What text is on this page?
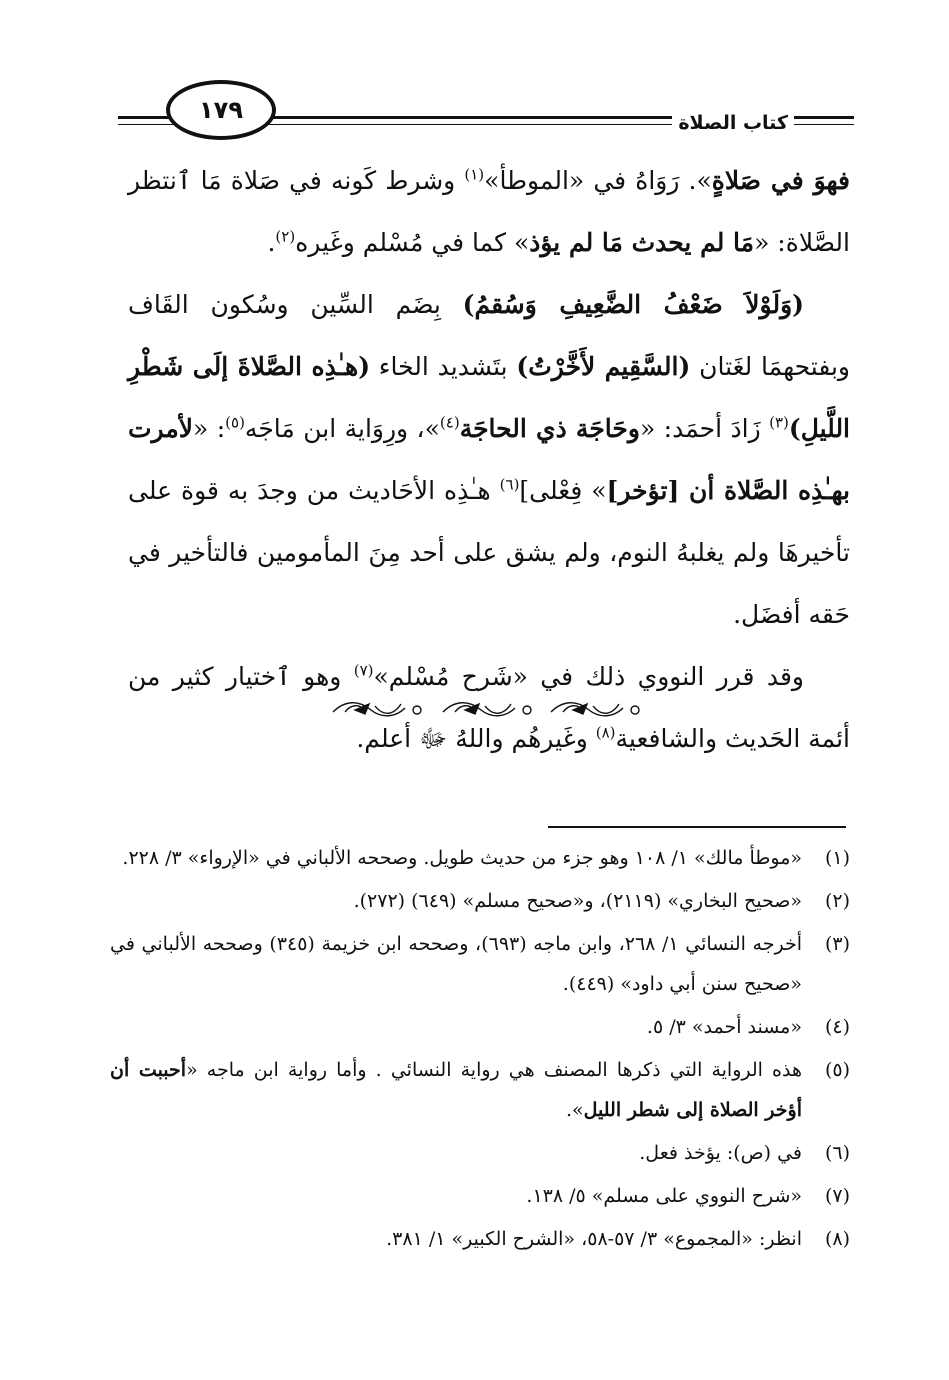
١٧٩	كتاب الصلاة

فهوَ في صَلاةٍ». رَوَاهُ في «الموطأ»$^{(١)}$ وشرط كَونه في صَلاة مَا ٱنتظر الصَّلاة: «مَا لم يحدث مَا لم يؤذ» كما في مُسْلم وغَيره$^{(٢)}$.

(وَلَوْلاَ ضَعْفُ الضَّعِيفِ وَسُقمُ) بِضَم السِّين وسُكون القَاف وبفتحهمَا لغَتان (السَّقِيم لأَخَّرْتُ) بتَشديد الخاء (هـٰذِه الصَّلاةَ إلَى شَطْرِ اللَّيلِ)$^{(٣)}$ زَادَ أحمَد: «وحَاجَة ذي الحاجَة$^{(٤)}$»، ورِوَاية ابن مَاجَه$^{(٥)}$: «لأمرت بهـٰذِه الصَّلاة أن [تؤخر]» فِعْلى]$^{(٦)}$ هـٰذِه الأحَاديث من وجدَ به قوة على تأخيرهَا ولم يغلبهُ النوم، ولم يشق على أحد مِنَ المأمومين فالتأخير في حَقه أفضَل.

وقد قرر النووي ذلك في «شَرح مُسْلم»$^{(٧)}$ وهو ٱختيار كثير من أئمة الحَديث والشافعية$^{(٨)}$ وغَيرهُم واللهُ ﷻ أعلم.

(١)
«موطأ مالك» ١/ ١٠٨ وهو جزء من حديث طويل. وصححه الألباني في «الإرواء» ٣/ ٢٢٨.
(٢)
«صحيح البخاري» (٢١١٩)، و«صحيح مسلم» (٦٤٩) (٢٧٢).
(٣)
أخرجه النسائي ١/ ٢٦٨، وابن ماجه (٦٩٣)، وصححه ابن خزيمة (٣٤٥) وصححه الألباني في «صحيح سنن أبي داود» (٤٤٩).
(٤)
«مسند أحمد» ٣/ ٥.
(٥)
هذه الرواية التي ذكرها المصنف هي رواية النسائي . وأما رواية ابن ماجه «أحببت أن أؤخر الصلاة إلى شطر الليل».
(٦)
في (ص): يؤخذ فعل.
(٧)
«شرح النووي على مسلم» ٥/ ١٣٨.
(٨)
انظر: «المجموع» ٣/ ٥٧-٥٨، «الشرح الكبير» ١/ ٣٨١.
